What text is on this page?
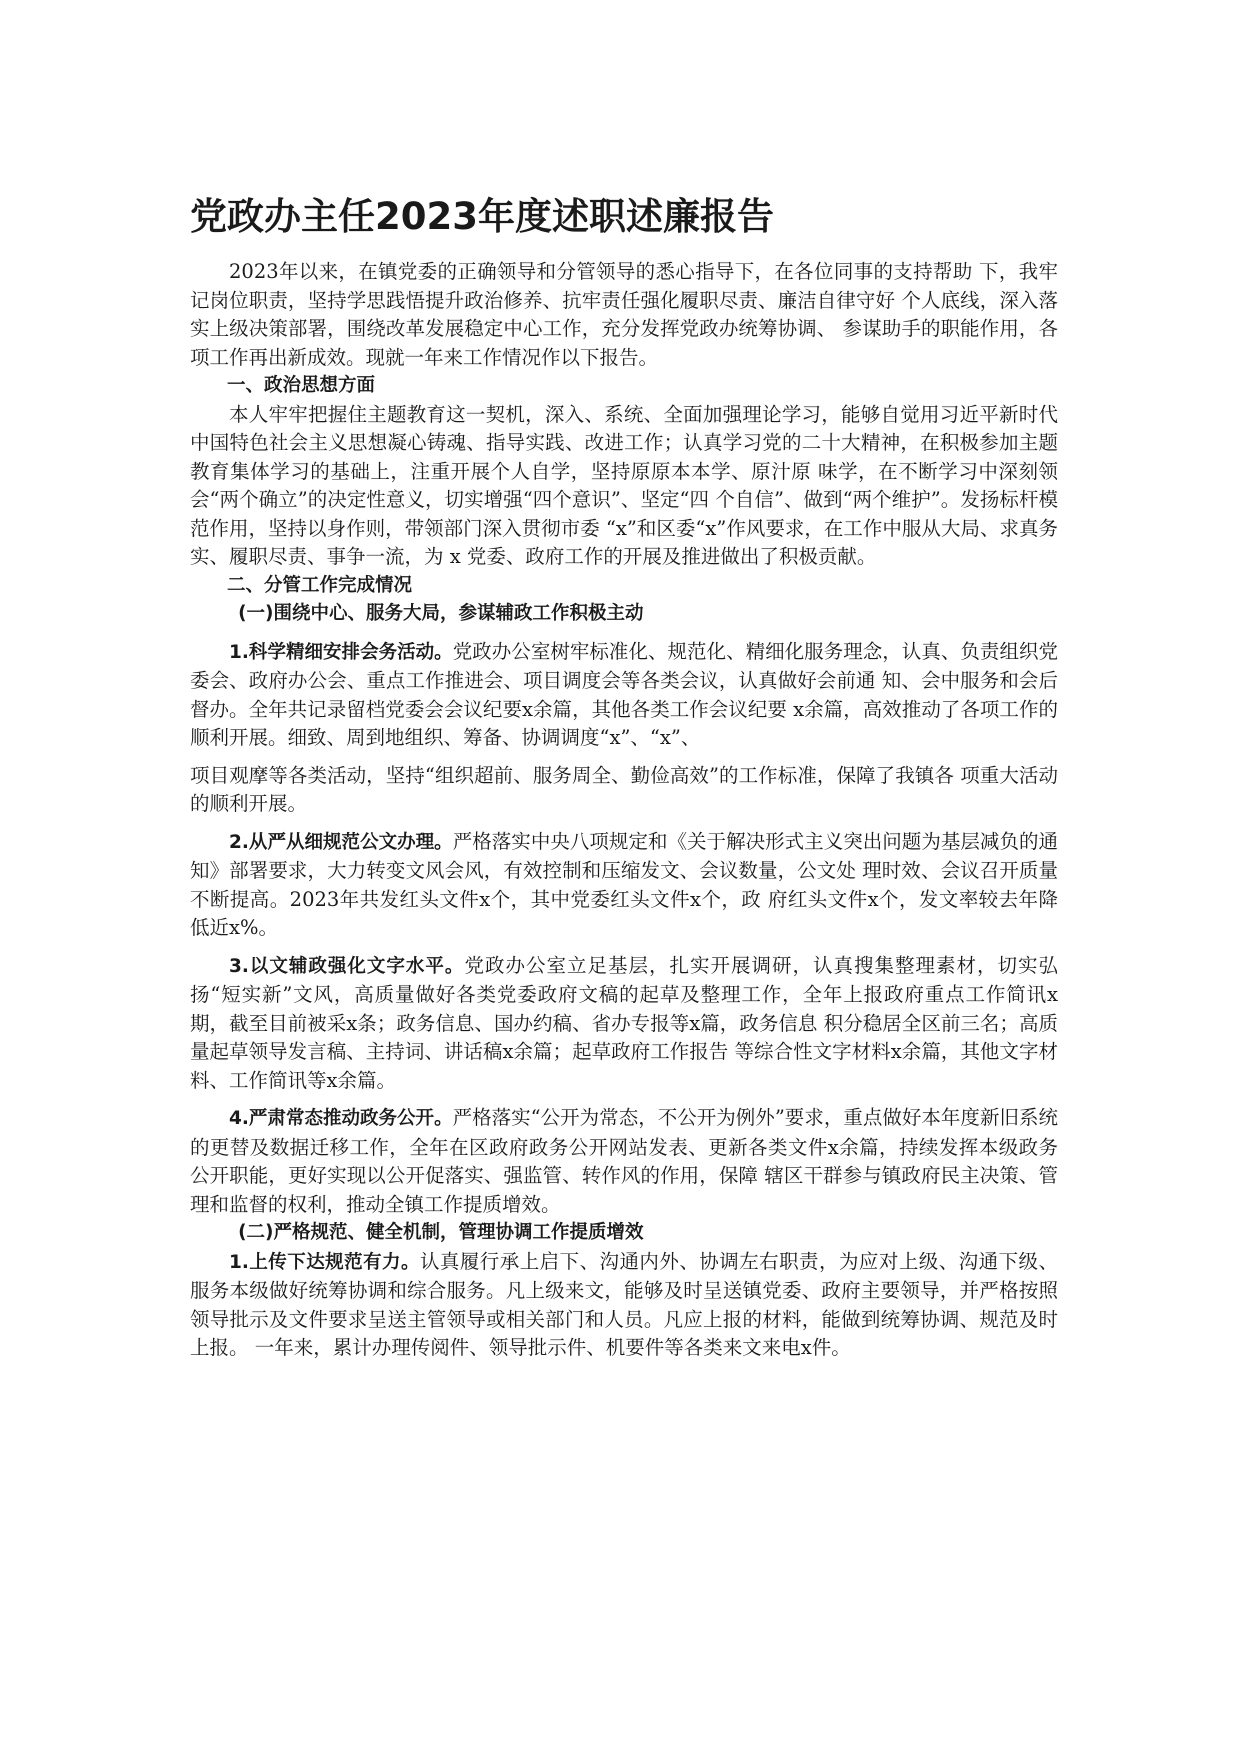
党政办主任2023年度述职述廉报告

2023年以来，在镇党委的正确领导和分管领导的悉心指导下，在各位同事的支持帮助 下，我牢记岗位职责，坚持学思践悟提升政治修养、抗牢责任强化履职尽责、廉洁自律守好 个人底线，深入落实上级决策部署，围绕改革发展稳定中心工作，充分发挥党政办统筹协调、 参谋助手的职能作用，各项工作再出新成效。现就一年来工作情况作以下报告。

一、政治思想方面

本人牢牢把握住主题教育这一契机，深入、系统、全面加强理论学习，能够自觉用习近平新时代中国特色社会主义思想凝心铸魂、指导实践、改进工作；认真学习党的二十大精神，在积极参加主题教育集体学习的基础上，注重开展个人自学，坚持原原本本学、原汁原 味学，在不断学习中深刻领会“两个确立”的决定性意义，切实增强“四个意识”、坚定“四 个自信”、做到“两个维护”。发扬标杆模范作用，坚持以身作则，带领部门深入贯彻市委 “x”和区委“x”作风要求，在工作中服从大局、求真务实、履职尽责、事争一流，为 x 党委、政府工作的开展及推进做出了积极贡献。

二、分管工作完成情况

(一)围绕中心、服务大局，参谋辅政工作积极主动

1.科学精细安排会务活动。党政办公室树牢标准化、规范化、精细化服务理念，认真、负责组织党委会、政府办公会、重点工作推进会、项目调度会等各类会议，认真做好会前通 知、会中服务和会后督办。全年共记录留档党委会会议纪要x余篇，其他各类工作会议纪要 x余篇，高效推动了各项工作的顺利开展。细致、周到地组织、筹备、协调调度“x”、“x”、

项目观摩等各类活动，坚持“组织超前、服务周全、勤俭高效”的工作标准，保障了我镇各 项重大活动的顺利开展。

2.从严从细规范公文办理。严格落实中央八项规定和《关于解决形式主义突出问题为基层减负的通知》部署要求，大力转变文风会风，有效控制和压缩发文、会议数量，公文处 理时效、会议召开质量不断提高。2023年共发红头文件x个，其中党委红头文件x个，政 府红头文件x个，发文率较去年降低近x%。

3.以文辅政强化文字水平。党政办公室立足基层，扎实开展调研，认真搜集整理素材，切实弘扬“短实新”文风，高质量做好各类党委政府文稿的起草及整理工作，全年上报政府重点工作简讯x期，截至目前被采x条；政务信息、国办约稿、省办专报等x篇，政务信息 积分稳居全区前三名；高质量起草领导发言稿、主持词、讲话稿x余篇；起草政府工作报告 等综合性文字材料x余篇，其他文字材料、工作简讯等x余篇。

4.严肃常态推动政务公开。严格落实“公开为常态，不公开为例外”要求，重点做好本年度新旧系统的更替及数据迁移工作，全年在区政府政务公开网站发表、更新各类文件x余篇，持续发挥本级政务公开职能，更好实现以公开促落实、强监管、转作风的作用，保障 辖区干群参与镇政府民主决策、管理和监督的权利，推动全镇工作提质增效。

(二)严格规范、健全机制，管理协调工作提质增效

1.上传下达规范有力。认真履行承上启下、沟通内外、协调左右职责，为应对上级、沟通下级、服务本级做好统筹协调和综合服务。凡上级来文，能够及时呈送镇党委、政府主要领导，并严格按照领导批示及文件要求呈送主管领导或相关部门和人员。凡应上报的材料，能做到统筹协调、规范及时上报。 一年来，累计办理传阅件、领导批示件、机要件等各类来文来电x件。
